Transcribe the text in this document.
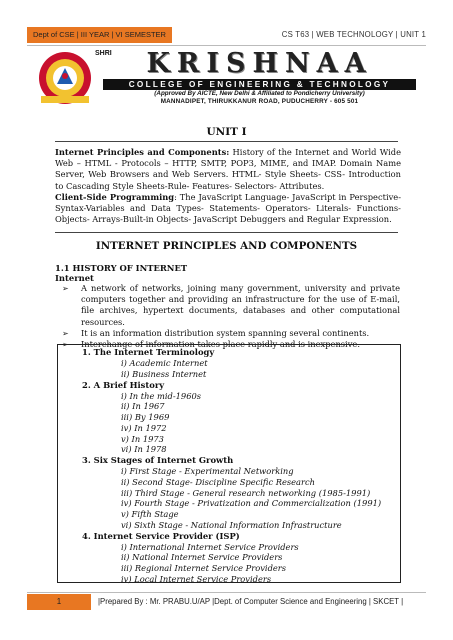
Dept of CSE | III YEAR | VI SEMESTER	CS T63 | WEB TECHNOLOGY | UNIT 1
SHRI	KRISHNAA
COLLEGE OF ENGINEERING & TECHNOLOGY
(Approved By AICTE, New Delhi & Affiliated to Pondicherry University)
MANNADIPET, THIRUKKANUR ROAD, PUDUCHERRY - 605 501
UNIT I
Internet Principles and Components: History of the Internet and World Wide Web – HTML - Protocols – HTTP, SMTP, POP3, MIME, and IMAP. Domain Name Server, Web Browsers and Web Servers. HTML- Style Sheets- CSS- Introduction to Cascading Style Sheets-Rule- Features- Selectors- Attributes.
Client-Side Programming: The JavaScript Language- JavaScript in Perspective-Syntax-Variables and Data Types- Statements- Operators- Literals- Functions- Objects- Arrays-Built-in Objects- JavaScript Debuggers and Regular Expression.
INTERNET PRINCIPLES AND COMPONENTS
1.1 HISTORY OF INTERNET
Internet
➢ A network of networks, joining many government, university and private computers together and providing an infrastructure for the use of E-mail, file archives, hypertext documents, databases and other computational resources.
➢ It is an information distribution system spanning several continents.
➢ Interchange of information takes place rapidly and is inexpensive.
1. The Internet Terminology
i) Academic Internet
ii) Business Internet
2. A Brief History
i) In the mid-1960s
ii) In 1967
iii) By 1969
iv) In 1972
v) In 1973
vi) In 1978
3. Six Stages of Internet Growth
i) First Stage - Experimental Networking
ii) Second Stage- Discipline Specific Research
iii) Third Stage - General research networking (1985-1991)
iv) Fourth Stage - Privatization and Commercialization (1991)
v) Fifth Stage
vi) Sixth Stage - National Information Infrastructure
4. Internet Service Provider (ISP)
i) International Internet Service Providers
ii) National Internet Service Providers
iii) Regional Internet Service Providers
iv) Local Internet Service Providers
1	|Prepared By : Mr. PRABU.U/AP |Dept. of Computer Science and Engineering | SKCET |
